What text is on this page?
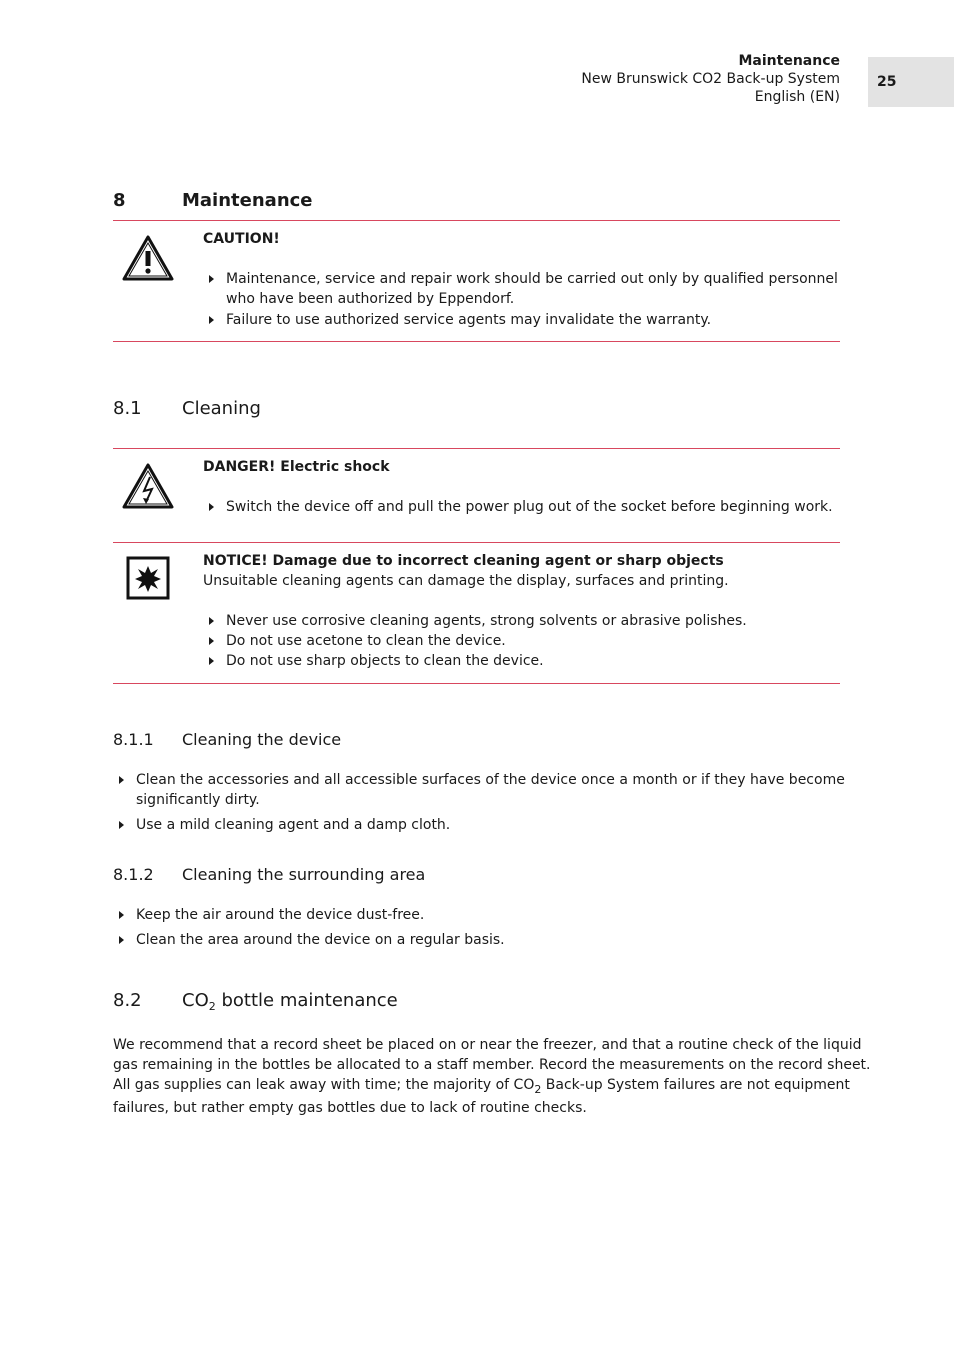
Maintenance
New Brunswick CO2 Back-up System
English (EN)
25
8	Maintenance
CAUTION!
Maintenance, service and repair work should be carried out only by qualified personnel
who have been authorized by Eppendorf.
Failure to use authorized service agents may invalidate the warranty.
8.1 Cleaning
DANGER! Electric shock
Switch the device off and pull the power plug out of the socket before beginning work.
NOTICE! Damage due to incorrect cleaning agent or sharp objects
Unsuitable cleaning agents can damage the display, surfaces and printing.
Never use corrosive cleaning agents, strong solvents or abrasive polishes.
Do not use acetone to clean the device.
Do not use sharp objects to clean the device.
8.1.1 Cleaning the device
Clean the accessories and all accessible surfaces of the device once a month or if they have become
significantly dirty.
Use a mild cleaning agent and a damp cloth.
8.1.2 Cleaning the surrounding area
Keep the air around the device dust-free.
Clean the area around the device on a regular basis.
8.2 $CO_2$ bottle maintenance
We recommend that a record sheet be placed on or near the freezer, and that a routine check of the liquid
gas remaining in the bottles be allocated to a staff member. Record the measurements on the record sheet.
All gas supplies can leak away with time; the majority of $CO_2$ Back-up System failures are not equipment
failures, but rather empty gas bottles due to lack of routine checks.
